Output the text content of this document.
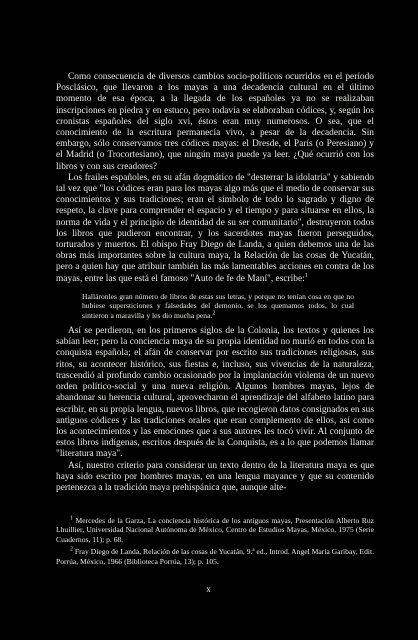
Como consecuencia de diversos cambios socio-políticos ocurridos en el período Posclásico, que llevaron a los mayas a una decadencia cultural en el último momento de esa época, a la llegada de los españoles ya no se realizaban inscripciones en piedra y en estuco, pero todavía se elaboraban códices, y, según los cronistas españoles del siglo xvi, éstos eran muy numerosos. O sea, que el conocimiento de la escritura permanecía vivo, a pesar de la decadencia. Sin embargo, sólo conservamos tres códices mayas: el Dresde, el París (o Peresiano) y el Madrid (o Trocortesiano), que ningún maya puede ya leer. ¿Qué ocurrió con los libros y con sus creadores?

Los frailes españoles, en su afán dogmático de "desterrar la idolatría" y sabiendo tal vez que "los códices eran para los mayas algo más que el medio de conservar sus conocimientos y sus tradiciones; eran el símbolo de todo lo sagrado y digno de respeto, la clave para comprender el espacio y el tiempo y para situarse en ellos, la norma de vida y el principio de identidad de su ser comunitario", destruyeron todos los libros que pudieron encontrar, y los sacerdotes mayas fueron perseguidos, torturados y muertos. El obispo Fray Diego de Landa, a quien debemos una de las obras más importantes sobre la cultura maya, la Relación de las cosas de Yucatán, pero a quien hay que atribuir también las más lamentables acciones en contra de los mayas, entre las que está el famoso "Auto de fe de Maní", escribe:$^1$

Halláronles gran número de libros de estas sus letras, y porque no tenían cosa en que no hubiese supersticiones y falsedades del demonio, se los quemamos todos, lo cual sintieron a maravilla y les dio mucha pena.$^2$

Así se perdieron, en los primeros siglos de la Colonia, los textos y quienes los sabían leer; pero la conciencia maya de su propia identidad no murió en todos con la conquista española; el afán de conservar por escrito sus tradiciones religiosas, sus ritos, su acontecer histórico, sus fiestas e, incluso, sus vivencias de la naturaleza, trascendió al profundo cambio ocasionado por la implantación violenta de un nuevo orden político-social y una nueva religión. Algunos hombres mayas, lejos de abandonar su herencia cultural, aprovecharon el aprendizaje del alfabeto latino para escribir, en su propia lengua, nuevos libros, que recogieron datos consignados en sus antiguos códices y las tradiciones orales que eran complemento de ellos, así como los acontecimientos y las emociones que a sus autores les tocó vivir. Al conjunto de estos libros indígenas, escritos después de la Conquista, es a lo que podemos llamar "literatura maya".

Así, nuestro criterio para considerar un texto dentro de la literatura maya es que haya sido escrito por hombres mayas, en una lengua mayance y que su contenido pertenezca a la tradición maya prehispánica que, aunque alte-

$^1$ Mercedes de la Garza, La conciencia histórica de los antiguos mayas, Presentación Alberto Ruz Lhuillier, Universidad Nacional Autónoma de México, Centro de Estudios Mayas, México, 1975 (Serie Cuadernos, 11); p. 68.

$^2$ Fray Diego de Landa, Relación de las cosas de Yucatán, 9.ª ed., Introd. Angel María Garibay, Edit. Porrúa, México, 1966 (Biblioteca Porrúa, 13); p. 105.

x
